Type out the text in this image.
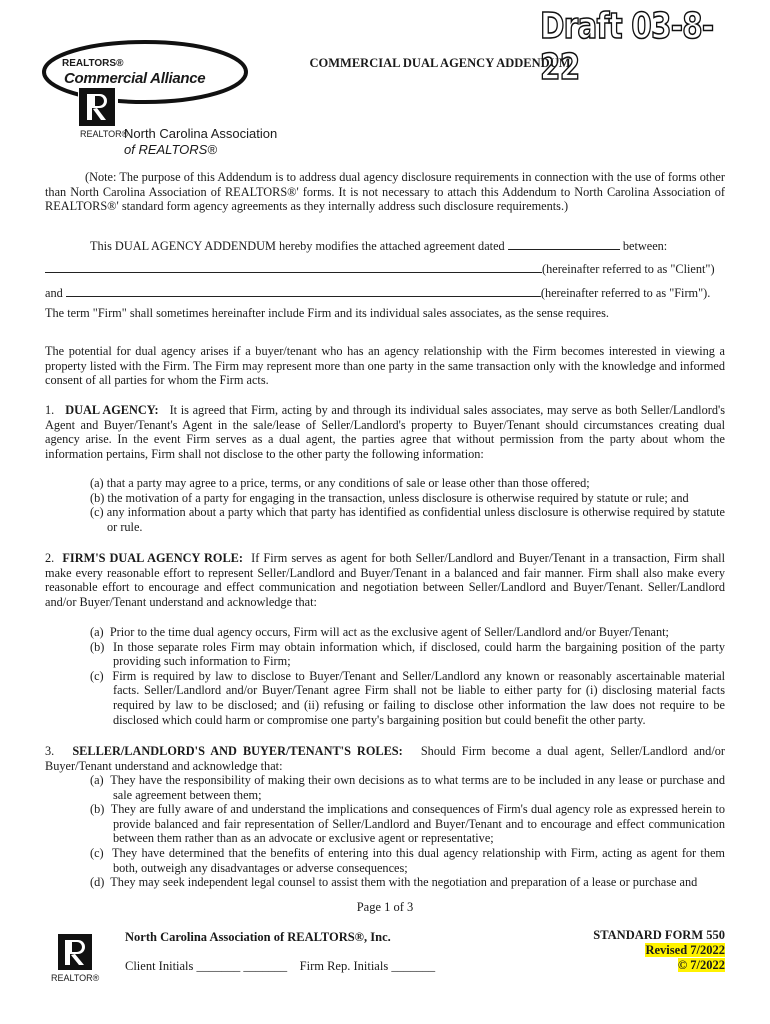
Draft 03-8-22
REALTORS®
Commercial Alliance
REALTOR®
North Carolina Association
of REALTORS®
COMMERCIAL DUAL AGENCY ADDENDUM
(Note: The purpose of this Addendum is to address dual agency disclosure requirements in connection with the use of forms other than North Carolina Association of REALTORS®' forms. It is not necessary to attach this Addendum to North Carolina Association of REALTORS®' standard form agency agreements as they internally address such disclosure requirements.)
This DUAL AGENCY ADDENDUM hereby modifies the attached agreement dated	between:
(hereinafter referred to as "Client")
and	(hereinafter referred to as "Firm").
The term "Firm" shall sometimes hereinafter include Firm and its individual sales associates, as the sense requires.
The potential for dual agency arises if a buyer/tenant who has an agency relationship with the Firm becomes interested in viewing a property listed with the Firm. The Firm may represent more than one party in the same transaction only with the knowledge and informed consent of all parties for whom the Firm acts.
1. DUAL AGENCY: It is agreed that Firm, acting by and through its individual sales associates, may serve as both Seller/Landlord's Agent and Buyer/Tenant's Agent in the sale/lease of Seller/Landlord's property to Buyer/Tenant should circumstances creating dual agency arise. In the event Firm serves as a dual agent, the parties agree that without permission from the party about whom the information pertains, Firm shall not disclose to the other party the following information:
(a) that a party may agree to a price, terms, or any conditions of sale or lease other than those offered;
(b) the motivation of a party for engaging in the transaction, unless disclosure is otherwise required by statute or rule; and
(c) any information about a party which that party has identified as confidential unless disclosure is otherwise required by statute or rule.
2. FIRM'S DUAL AGENCY ROLE: If Firm serves as agent for both Seller/Landlord and Buyer/Tenant in a transaction, Firm shall make every reasonable effort to represent Seller/Landlord and Buyer/Tenant in a balanced and fair manner. Firm shall also make every reasonable effort to encourage and effect communication and negotiation between Seller/Landlord and Buyer/Tenant. Seller/Landlord and/or Buyer/Tenant understand and acknowledge that:
(a) Prior to the time dual agency occurs, Firm will act as the exclusive agent of Seller/Landlord and/or Buyer/Tenant;
(b) In those separate roles Firm may obtain information which, if disclosed, could harm the bargaining position of the party providing such information to Firm;
(c) Firm is required by law to disclose to Buyer/Tenant and Seller/Landlord any known or reasonably ascertainable material facts. Seller/Landlord and/or Buyer/Tenant agree Firm shall not be liable to either party for (i) disclosing material facts required by law to be disclosed; and (ii) refusing or failing to disclose other information the law does not require to be disclosed which could harm or compromise one party's bargaining position but could benefit the other party.
3. SELLER/LANDLORD'S AND BUYER/TENANT'S ROLES: Should Firm become a dual agent, Seller/Landlord and/or Buyer/Tenant understand and acknowledge that:
(a) They have the responsibility of making their own decisions as to what terms are to be included in any lease or purchase and sale agreement between them;
(b) They are fully aware of and understand the implications and consequences of Firm's dual agency role as expressed herein to provide balanced and fair representation of Seller/Landlord and Buyer/Tenant and to encourage and effect communication between them rather than as an advocate or exclusive agent or representative;
(c) They have determined that the benefits of entering into this dual agency relationship with Firm, acting as agent for them both, outweigh any disadvantages or adverse consequences;
(d) They may seek independent legal counsel to assist them with the negotiation and preparation of a lease or purchase and
Page 1 of 3
REALTOR®
North Carolina Association of REALTORS®, Inc.
Client Initials _______ _______ Firm Rep. Initials _______
STANDARD FORM 550
Revised 7/2022
© 7/2022
